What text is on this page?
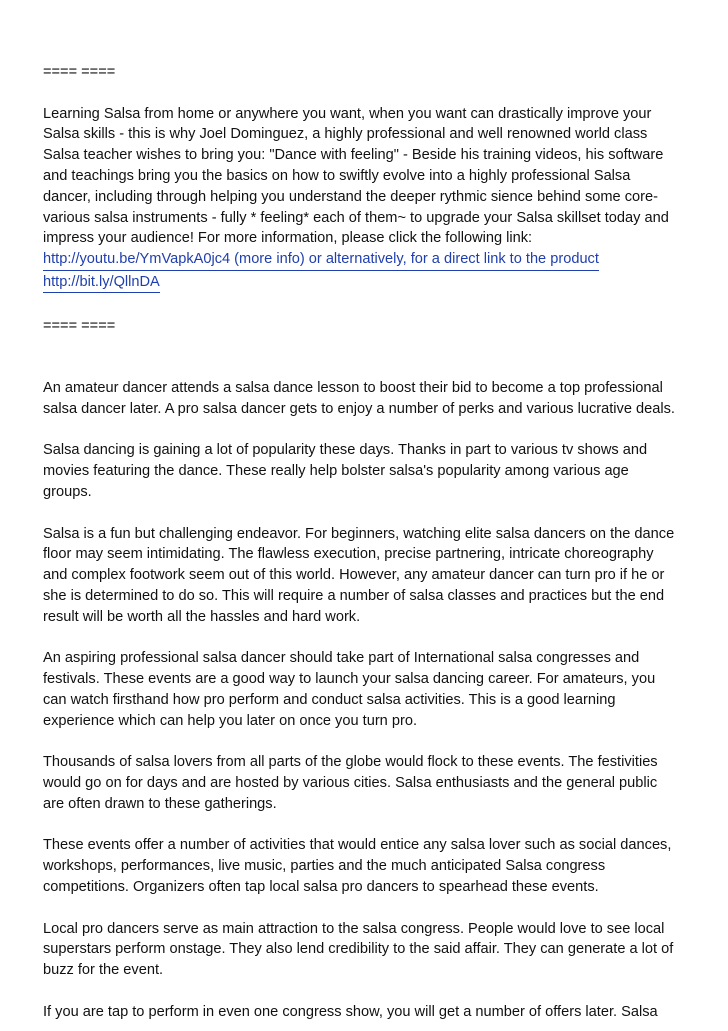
==== ====
Learning Salsa from home or anywhere you want, when you want can drastically improve your
Salsa skills - this is why Joel Dominguez, a highly professional and well renowned world class
Salsa teacher wishes to bring you: "Dance with feeling" - Beside his training videos, his software
and teachings bring you the basics on how to swiftly evolve into a highly professional Salsa
dancer, including through helping you understand the deeper rythmic sience behind some core-
various salsa instruments - fully * feeling* each of them~ to upgrade your Salsa skillset today and
impress your audience! For more information, please click the following link:
http://youtu.be/YmVapkA0jc4 (more info) or alternatively, for a direct link to the product
http://bit.ly/QllnDA
==== ====
An amateur dancer attends a salsa dance lesson to boost their bid to become a top professional
salsa dancer later. A pro salsa dancer gets to enjoy a number of perks and various lucrative deals.
Salsa dancing is gaining a lot of popularity these days. Thanks in part to various tv shows and
movies featuring the dance. These really help bolster salsa's popularity among various age
groups.
Salsa is a fun but challenging endeavor. For beginners, watching elite salsa dancers on the dance
floor may seem intimidating. The flawless execution, precise partnering, intricate choreography
and complex footwork seem out of this world. However, any amateur dancer can turn pro if he or
she is determined to do so. This will require a number of salsa classes and practices but the end
result will be worth all the hassles and hard work.
An aspiring professional salsa dancer should take part of International salsa congresses and
festivals. These events are a good way to launch your salsa dancing career. For amateurs, you
can watch firsthand how pro perform and conduct salsa activities. This is a good learning
experience which can help you later on once you turn pro.
Thousands of salsa lovers from all parts of the globe would flock to these events. The festivities
would go on for days and are hosted by various cities. Salsa enthusiasts and the general public
are often drawn to these gatherings.
These events offer a number of activities that would entice any salsa lover such as social dances,
workshops, performances, live music, parties and the much anticipated Salsa congress
competitions. Organizers often tap local salsa pro dancers to spearhead these events.
Local pro dancers serve as main attraction to the salsa congress. People would love to see local
superstars perform onstage. They also lend credibility to the said affair. They can generate a lot of
buzz for the event.
If you are tap to perform in even one congress show, you will get a number of offers later. Salsa
